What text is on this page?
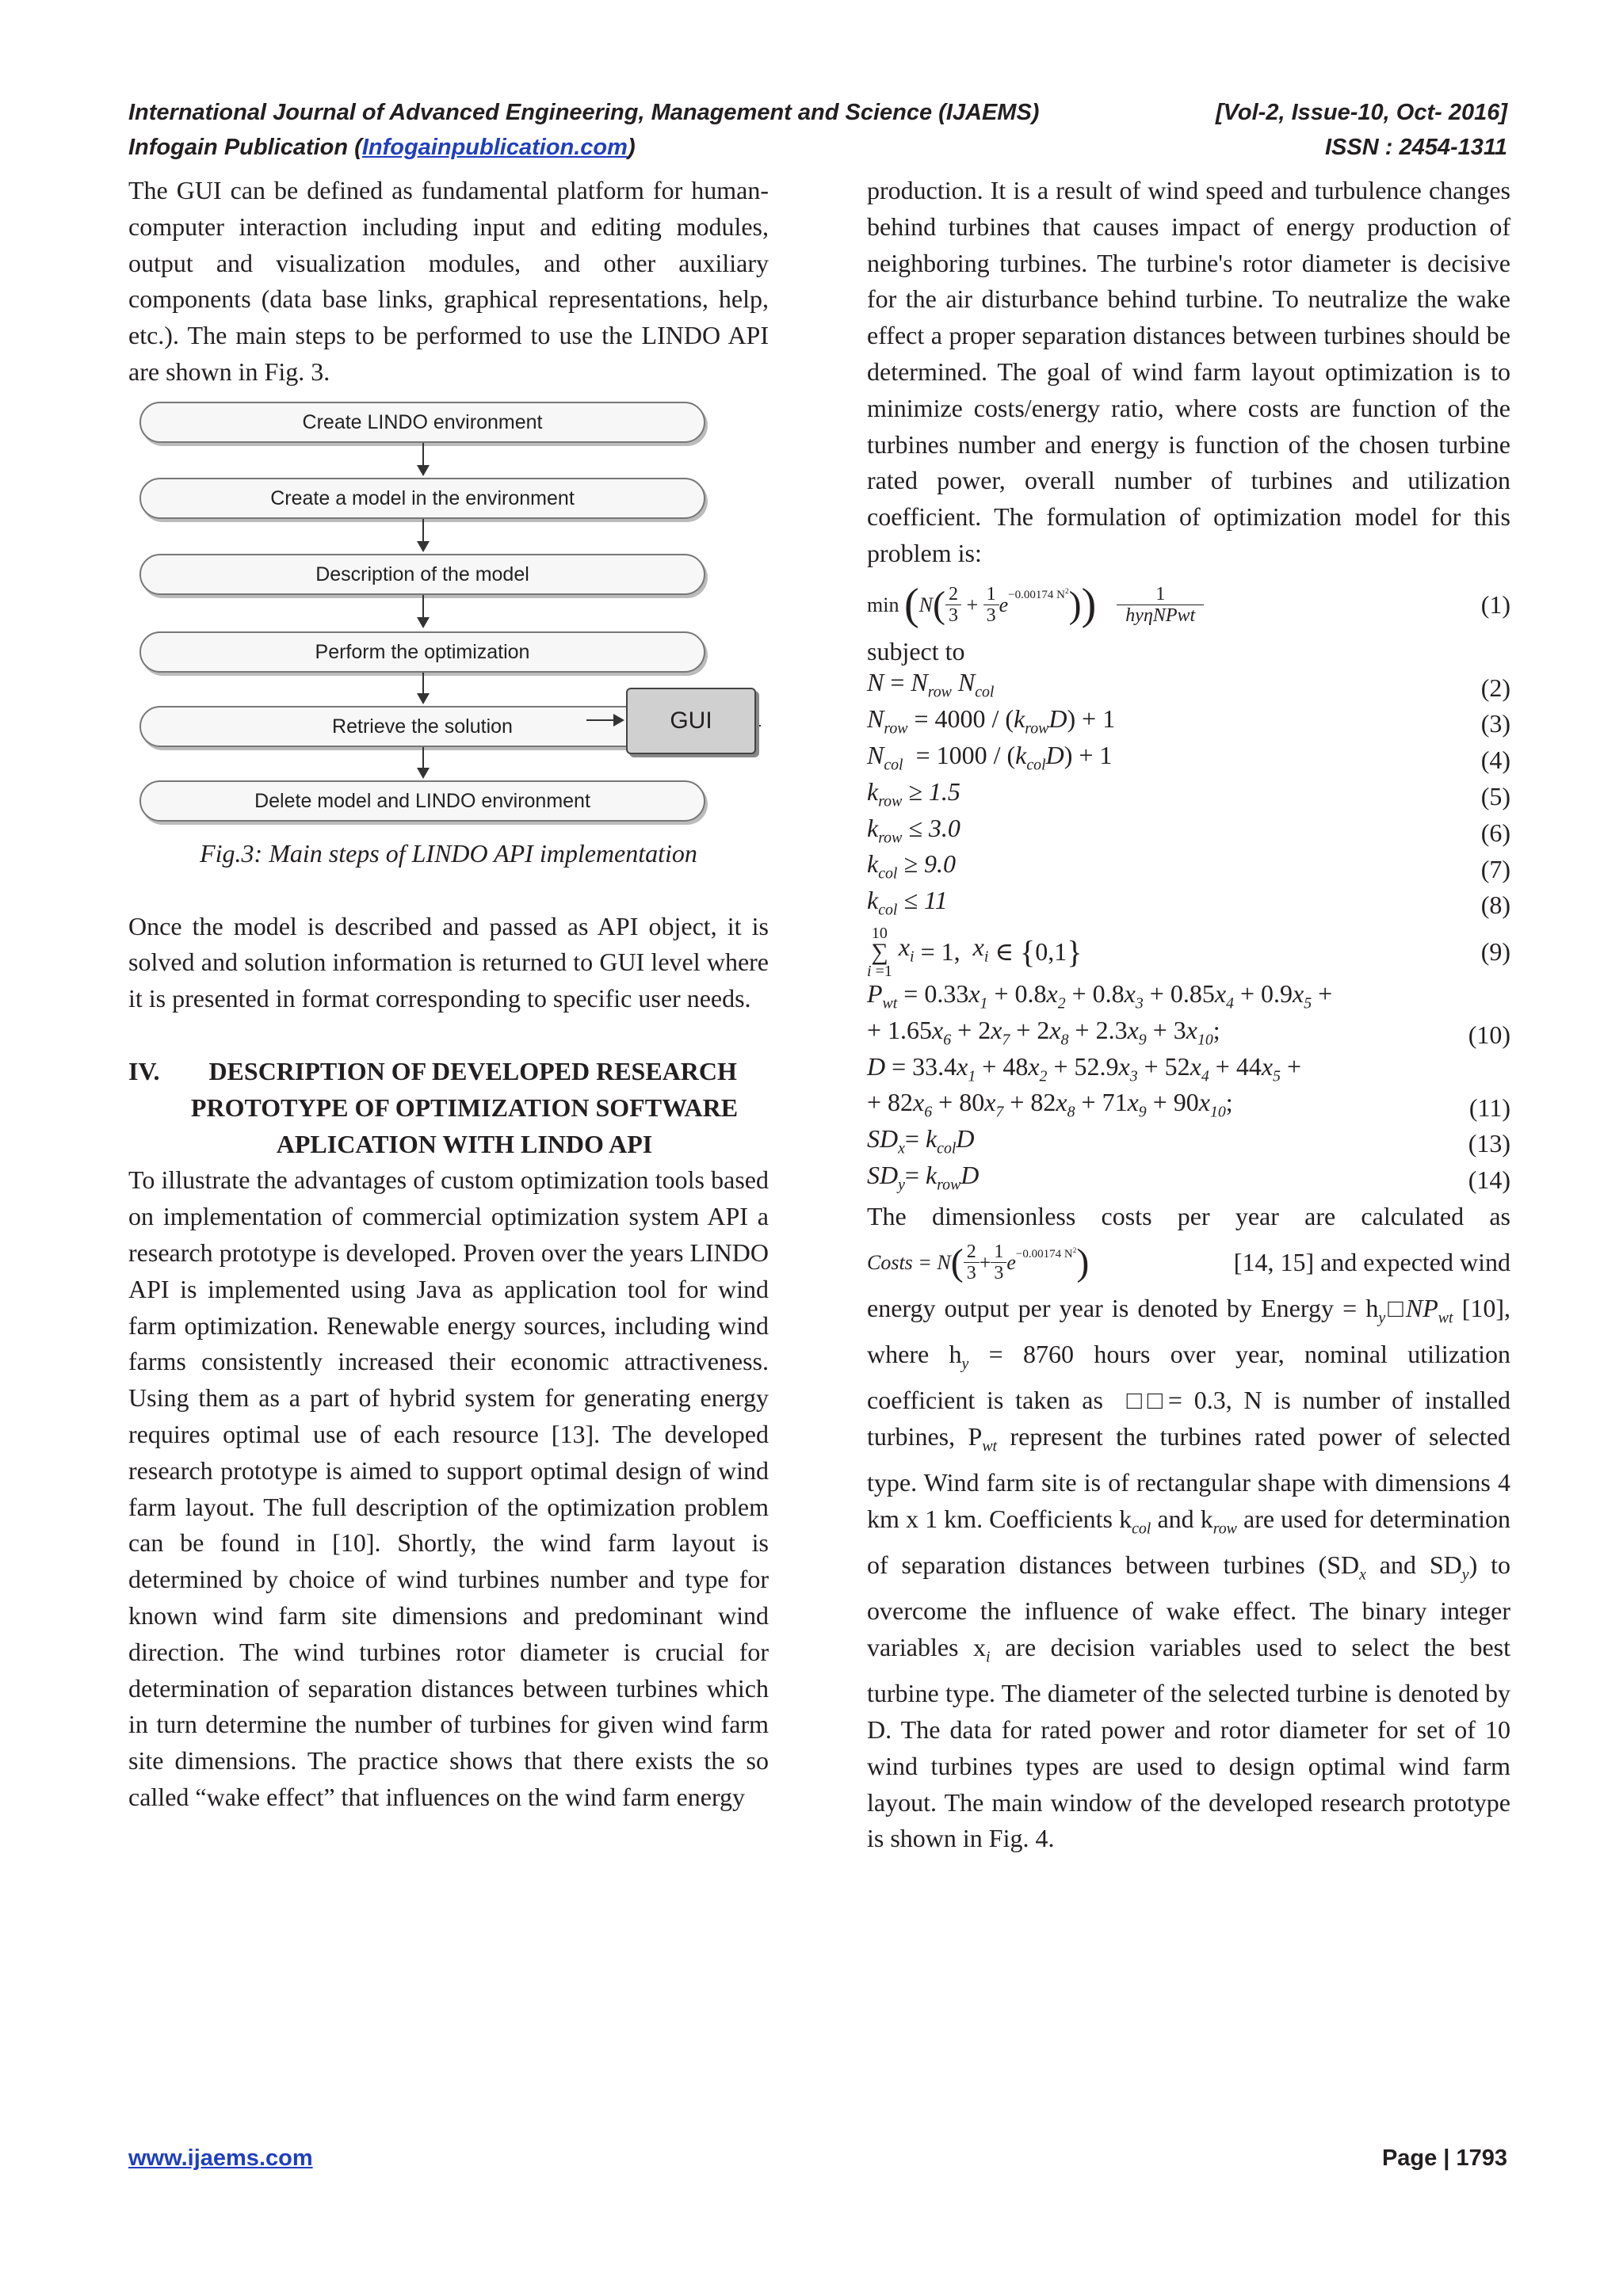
International Journal of Advanced Engineering, Management and Science (IJAEMS)	[Vol-2, Issue-10, Oct- 2016]
Infogain Publication (Infogainpublication.com)	ISSN : 2454-1311

The GUI can be defined as fundamental platform for human-computer interaction including input and editing modules, output and visualization modules, and other auxiliary components (data base links, graphical representations, help, etc.). The main steps to be performed to use the LINDO API are shown in Fig. 3.

Create LINDO environment
Create a model in the environment
Description of the model
Perform the optimization
Retrieve the solution
Delete model and LINDO environment

Fig.3: Main steps of LINDO API implementation

Once the model is described and passed as API object, it is solved and solution information is returned to GUI level where it is presented in format corresponding to specific user needs.

IV. DESCRIPTION OF DEVELOPED RESEARCH

PROTOTYPE OF OPTIMIZATION SOFTWARE

APLICATION WITH LINDO API

To illustrate the advantages of custom optimization tools based on implementation of commercial optimization system API a research prototype is developed. Proven over the years LINDO API is implemented using Java as application tool for wind farm optimization. Renewable energy sources, including wind farms consistently increased their economic attractiveness. Using them as a part of hybrid system for generating energy requires optimal use of each resource [13]. The developed research prototype is aimed to support optimal design of wind farm layout. The full description of the optimization problem can be found in [10]. Shortly, the wind farm layout is determined by choice of wind turbines number and type for known wind farm site dimensions and predominant wind direction. The wind turbines rotor diameter is crucial for determination of separation distances between turbines which in turn determine the number of turbines for given wind farm site dimensions. The practice shows that there exists the so called “wake effect” that influences on the wind farm energy

GUI

production. It is a result of wind speed and turbulence changes behind turbines that causes impact of energy production of neighboring turbines. The turbine's rotor diameter is decisive for the air disturbance behind turbine. To neutralize the wake effect a proper separation distances between turbines should be determined. The goal of wind farm layout optimization is to minimize costs/energy ratio, where costs are function of the turbines number and energy is function of the chosen turbine rated power, overall number of turbines and utilization coefficient. The formulation of optimization model for this problem is:

min
( N ( $\frac{2}{3} + \frac{1}{3}$ e $^{-0.00174 N^2}$ ) )
$\frac{1}{\text{hyηNPwt}}$	(1)
subject to
$N = N_{row}$ $N_{col}$	(2)
$N_{row} = 4000 / (k_{row}D) + 1$	(3)
$N_{col} = 1000 / (k_{col}D) + 1$	(4)
$k_{row} \ge 1.5$	(5)
$k_{row} \le 3.0$	(6)
$k_{col} \ge 9.0$	(7)
$k_{col} \le 11$	(8)
10
∑
i =1

$x_i = 1$, $x_i$ ∈ { 0,1 }	(9)
$P_{wt} = 0.33x_1 + 0.8x_2 + 0.8x_3 + 0.85x_4 + 0.9x_5$ +
+ $1.65x_6 + 2x_7 + 2x_8 + 2.3x_9 + 3x_{10}$;	(10)
$D = 33.4x_1 + 48x_2 + 52.9x_3 + 52x_4 + 44x_5$ +
+ $82x_6 + 80x_7 + 82x_8 + 71x_9 + 90x_{10}$;	(11)
$SD_x= k_{col}D$	(13)
$SD_y= k_{row}D$	(14)
The dimensionless costs per year are calculated as
Costs = N ( $\frac{2}{3} + \frac{1}{3} e^{-0.00174 N^2}$ )	[14, 15] and expected wind

energy output per year is denoted by Energy = $h_y□NP_{wt}$ [10], where $h_y = 8760$ hours over year, nominal utilization coefficient is taken as  □□= 0.3, N is number of installed turbines, $P_{wt}$ represent the turbines rated power of selected type. Wind farm site is of rectangular shape with dimensions 4 km x 1 km. Coefficients $k_{col}$ and $k_{row}$ are used for determination of separation distances between turbines ($SD_x$ and $SD_y$) to overcome the influence of wake effect. The binary integer variables $x_i$ are decision variables used to select the best turbine type. The diameter of the selected turbine is denoted by D. The data for rated power and rotor diameter for set of 10 wind turbines types are used to design optimal wind farm layout. The main window of the developed research prototype is shown in Fig. 4.

www.ijaems.com	Page | 1793
